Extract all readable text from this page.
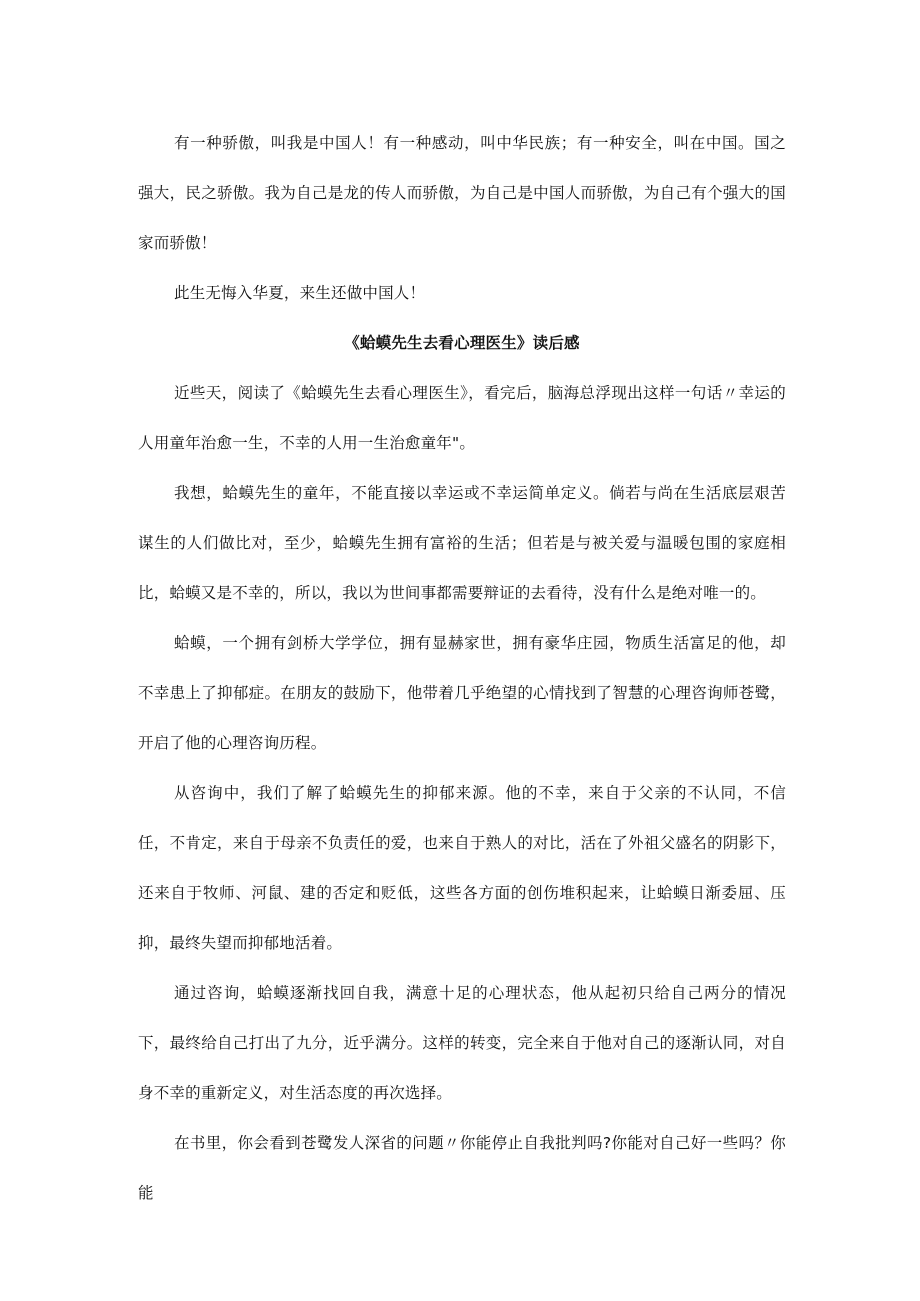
有一种骄傲，叫我是中国人！有一种感动，叫中华民族；有一种安全，叫在中国。国之强大，民之骄傲。我为自己是龙的传人而骄傲，为自己是中国人而骄傲，为自己有个强大的国家而骄傲！

此生无悔入华夏，来生还做中国人！

《蛤蟆先生去看心理医生》读后感

近些天，阅读了《蛤蟆先生去看心理医生》，看完后，脑海总浮现出这样一句话〃幸运的人用童年治愈一生，不幸的人用一生治愈童年"。

我想，蛤蟆先生的童年，不能直接以幸运或不幸运简单定义。倘若与尚在生活底层艰苦谋生的人们做比对，至少，蛤蟆先生拥有富裕的生活；但若是与被关爱与温暖包围的家庭相比，蛤蟆又是不幸的，所以，我以为世间事都需要辩证的去看待，没有什么是绝对唯一的。

蛤蟆，一个拥有剑桥大学学位，拥有显赫家世，拥有豪华庄园，物质生活富足的他，却不幸患上了抑郁症。在朋友的鼓励下，他带着几乎绝望的心情找到了智慧的心理咨询师苍鹭，开启了他的心理咨询历程。

从咨询中，我们了解了蛤蟆先生的抑郁来源。他的不幸，来自于父亲的不认同，不信任，不肯定，来自于母亲不负责任的爱，也来自于熟人的对比，活在了外祖父盛名的阴影下，还来自于牧师、河鼠、建的否定和贬低，这些各方面的创伤堆积起来，让蛤蟆日渐委屈、压抑，最终失望而抑郁地活着。

通过咨询，蛤蟆逐渐找回自我，满意十足的心理状态，他从起初只给自己两分的情况下，最终给自己打出了九分，近乎满分。这样的转变，完全来自于他对自己的逐渐认同，对自身不幸的重新定义，对生活态度的再次选择。

在书里，你会看到苍鹭发人深省的问题〃你能停止自我批判吗?你能对自己好一些吗？你能
